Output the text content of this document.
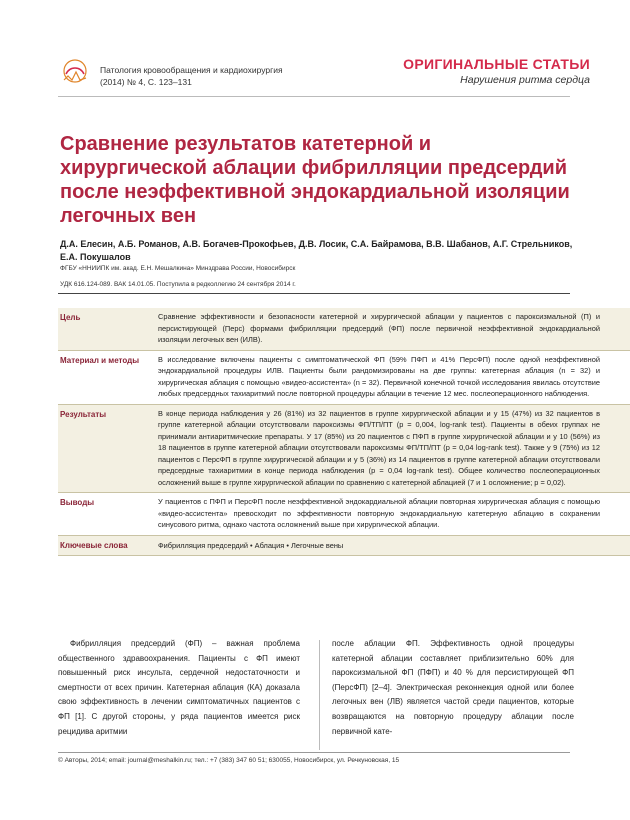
Патология кровообращения и кардиохирургия
(2014) № 4, С. 123–131
ОРИГИНАЛЬНЫЕ СТАТЬИ
Нарушения ритма сердца
Сравнение результатов катетерной и хирургической аблации фибрилляции предсердий после неэффективной эндокардиальной изоляции легочных вен
Д.А. Елесин, А.Б. Романов, А.В. Богачев-Прокофьев, Д.В. Лосик, С.А. Байрамова, В.В. Шабанов, А.Г. Стрельников, Е.А. Покушалов
ФГБУ «ННИИПК им. акад. Е.Н. Мешалкина» Минздрава России, Новосибирск
УДК 616.124-089. ВАК 14.01.05. Поступила в редколлегию 24 сентября 2014 г.
Цель	Сравнение эффективности и безопасности катетерной и хирургической аблации у пациентов с пароксизмальной (П) и персистирующей (Перс) формами фибрилляции предсердий (ФП) после первичной неэффективной эндокардиальной изоляции легочных вен (ИЛВ).
Материал и методы	В исследование включены пациенты с симптоматической ФП (59% ПФП и 41% ПерсФП) после одной неэффективной эндокардиальной процедуры ИЛВ. Пациенты были рандомизированы на две группы: катетерная аблация (n = 32) и хирургическая аблация с помощью «видео-ассистента» (n = 32). Первичной конечной точкой исследования явилась отсутствие любых предсердных тахиаритмий после повторной процедуры аблации в течение 12 мес. послеоперационного наблюдения.
Результаты	В конце периода наблюдения у 26 (81%) из 32 пациентов в группе хирургической аблации и у 15 (47%) из 32 пациентов в группе катетерной аблации отсутствовали пароксизмы ФП/ТП/ПТ (p = 0,004, log-rank test). Пациенты в обеих группах не принимали антиаритмические препараты. У 17 (85%) из 20 пациентов с ПФП в группе хирургической аблации и у 10 (56%) из 18 пациентов в группе катетерной аблации отсутствовали пароксизмы ФП/ТП/ПТ (p = 0,04 log-rank test). Также у 9 (75%) из 12 пациентов с ПерсФП в группе хирургической аблации и у 5 (36%) из 14 пациентов в группе катетерной аблации отсутствовали предсердные тахиаритмии в конце периода наблюдения (p = 0,04 log-rank test). Общее количество послеоперационных осложнений выше в группе хирургической аблации по сравнению с катетерной аблацией (7 и 1 осложнение; p = 0,02).
Выводы	У пациентов с ПФП и ПерсФП после неэффективной эндокардиальной аблации повторная хирургическая аблация с помощью «видео-ассистента» превосходит по эффективности повторную эндокардиальную катетерную аблацию в сохранении синусового ритма, однако частота осложнений выше при хирургической аблации.
Ключевые слова	Фибрилляция предсердий • Аблация • Легочные вены
Фибрилляция предсердий (ФП) – важная проблема общественного здравоохранения. Пациенты с ФП имеют повышенный риск инсульта, сердечной недостаточности и смертности от всех причин. Катетерная аблация (КА) доказала свою эффективность в лечении симптоматичных пациентов с ФП [1]. С другой стороны, у ряда пациентов имеется риск рецидива аритмии
после аблации ФП. Эффективность одной процедуры катетерной аблации составляет приблизительно 60% для пароксизмальной ФП (ПФП) и 40 % для персистирующей ФП (ПерсФП) [2–4]. Электрическая реконнекция одной или более легочных вен (ЛВ) является частой среди пациентов, которые возвращаются на повторную процедуру аблации после первичной кате-
© Авторы, 2014; email: journal@meshalkin.ru; тел.: +7 (383) 347 60 51; 630055, Новосибирск, ул. Речкуновская, 15
